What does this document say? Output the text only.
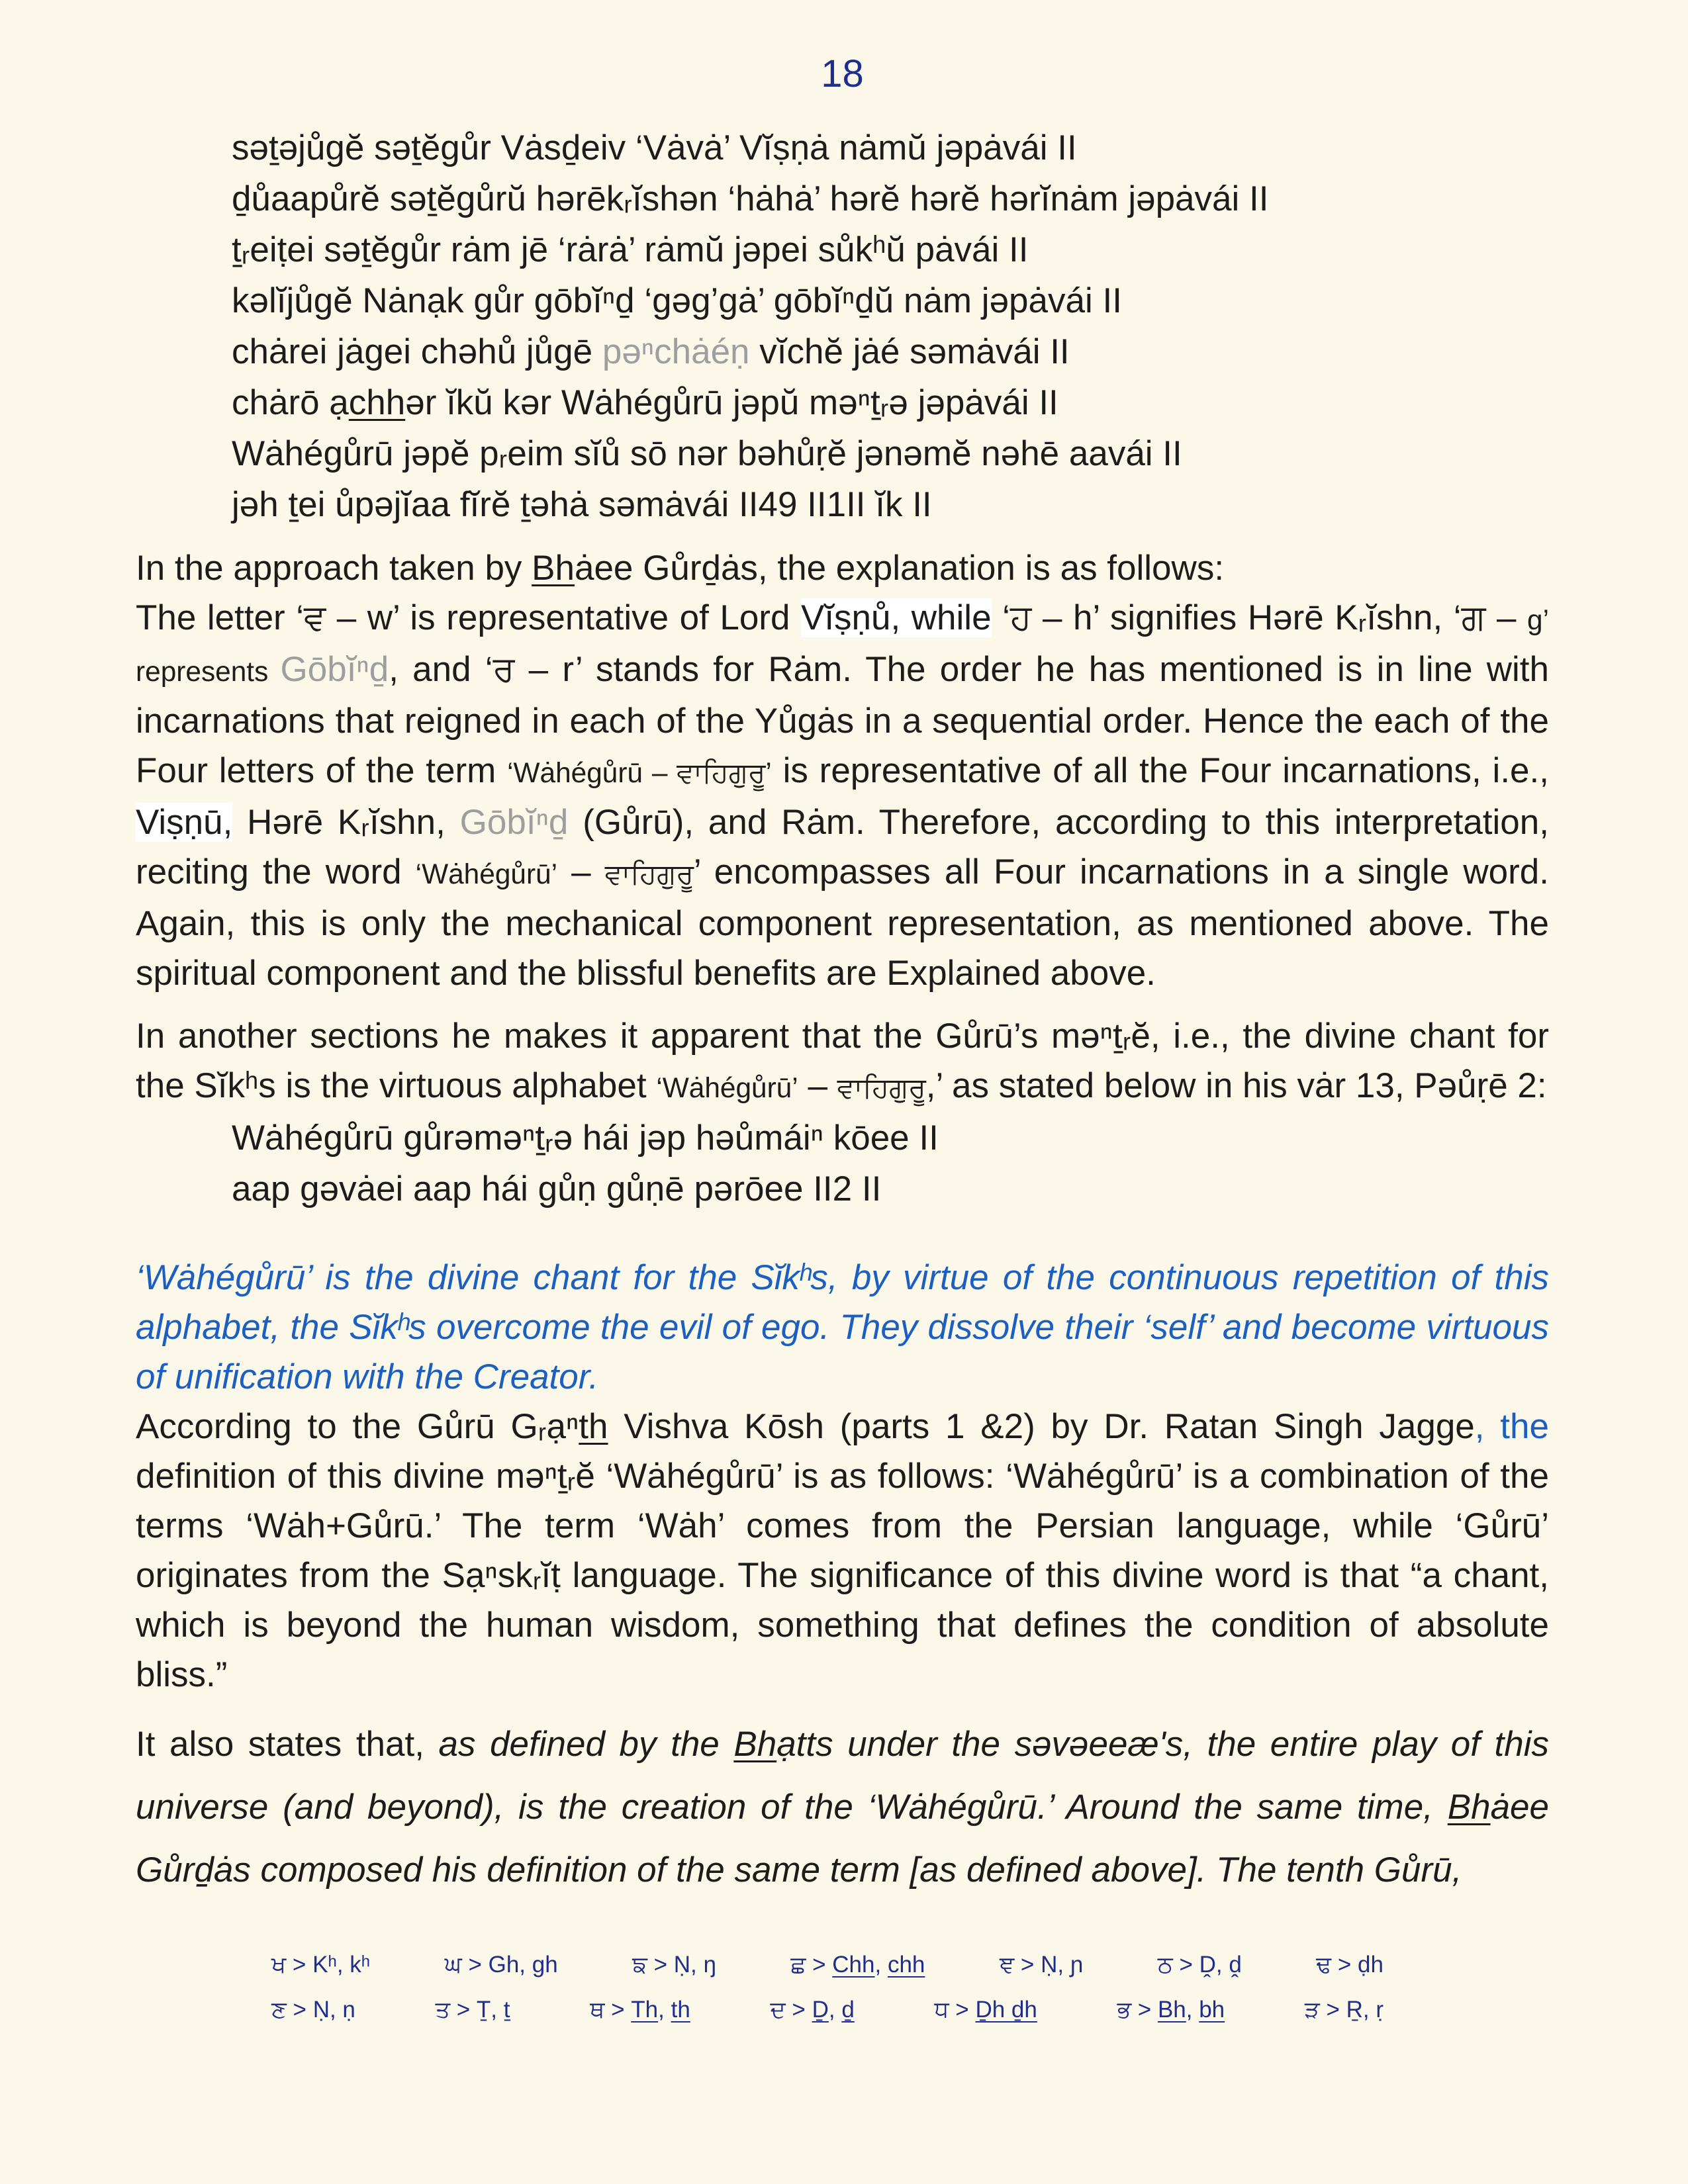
18
səṯəjůgĕ səṯĕgůr Vȧsḏeiv ‘Vȧvȧ’ Vĭṣṇȧ nȧmŭ jəpȧvái II
ḏůaapůrĕ səṯĕgůrŭ hərēkᵣĭshən ‘hȧhȧ’ hərĕ hərĕ hərĭnȧm jəpȧvái II
ṯᵣeiṭei səṯĕgůr rȧm jē ‘rȧrȧ’ rȧmŭ jəpei sůkʰŭ pȧvái II
kəlĭjůgĕ Nȧnạk gůr gōbĭⁿḏ ‘gəg’gȧ’ gōbĭⁿḏŭ nȧm jəpȧvái II
chȧrei jȧgei chəhů jůgē pəⁿchȧéṇ vĭchĕ jȧé səmȧvái II
chȧrō ạchhər ĭkŭ kər Wȧhégůrū jəpŭ məⁿṯᵣə jəpȧvái II
Wȧhégůrū jəpĕ pᵣeim sĭů sō nər bəhůṛĕ jənəmĕ nəhē aavái II
jəh ṯei ůpəjĭaa fĭrĕ ṯəhȧ səmȧvái II49 II1II ĭk II
In the approach taken by Bhȧee Gůrḏȧs, the explanation is as follows:
The letter ‘ਵ – w’ is representative of Lord Vĭṣṇů, while ‘ਹ – h’ signifies Hərē Kᵣĭshn, ‘ਗ – g’ represents Gōbĭⁿḏ, and ‘ਰ – r’ stands for Rȧm. The order he has mentioned is in line with incarnations that reigned in each of the Yůgȧs in a sequential order. Hence the each of the Four letters of the term ‘Wȧhégůrū – ਵਾਹਿਗੁਰੂ’ is representative of all the Four incarnations, i.e., Viṣṇū, Hərē Kᵣĭshn, Gōbĭⁿḏ (Gůrū), and Rȧm. Therefore, according to this interpretation, reciting the word ‘Wȧhégůrū’ – ਵਾਹਿਗੁਰੂ’ encompasses all Four incarnations in a single word. Again, this is only the mechanical component representation, as mentioned above. The spiritual component and the blissful benefits are Explained above.
In another sections he makes it apparent that the Gůrū’s məⁿṯᵣĕ, i.e., the divine chant for the Sĭkʰs is the virtuous alphabet ‘Wȧhégůrū’ – ਵਾਹਿਗੁਰੂ,’ as stated below in his vȧr 13, Pəůṛē 2:
Wȧhégůrū gůrəməⁿṯᵣə hái jəp həůmáiⁿ kōee II
aap gəvȧei aap hái gůṇ gůṇē pərōee II2 II
‘Wȧhégůrū’ is the divine chant for the Sĭkʰs, by virtue of the continuous repetition of this alphabet, the Sĭkʰs overcome the evil of ego. They dissolve their ‘self’ and become virtuous of unification with the Creator.
According to the Gůrū Gᵣạⁿth Vishva Kōsh (parts 1 &2) by Dr. Ratan Singh Jagge, the definition of this divine məⁿṯᵣĕ ‘Wȧhégůrū’ is as follows: ‘Wȧhégůrū’ is a combination of the terms ‘Wȧh+Gůrū.’ The term ‘Wȧh’ comes from the Persian language, while ‘Gůrū’ originates from the Sạⁿskᵣĭṭ language. The significance of this divine word is that “a chant, which is beyond the human wisdom, something that defines the condition of absolute bliss.”
It also states that, as defined by the Bhạtts under the səvəeeæ's, the entire play of this universe (and beyond), is the creation of the ‘Wȧhégůrū.’ Around the same time, Bhȧee Gůrḏȧs composed his definition of the same term [as defined above]. The tenth Gůrū,
ਖ > Kʰ, kʰ	ਘ > Gh, gh	ਙ > Ṇ, ŋ	ਛ > Chh, chh	ਞ > Ṇ, ɲ	ਠ > Ḓ, ḓ	ਢ > ḍh
ਣ > Ṇ, ṇ	ਤ > Ṯ, ṯ	ਥ > Th, th	ਦ > Ḏ, ḏ	ਧ > Ḏh ḏh	ਭ > Bh, bh	ੜ > Ṟ, ṛ
